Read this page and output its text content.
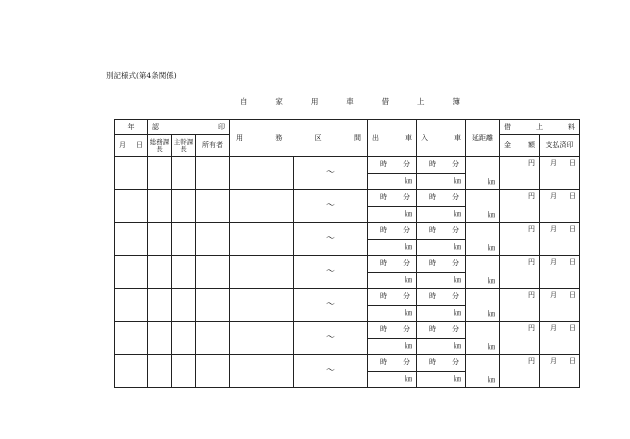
別記様式(第4条関係)
自	家	用	車	借	上	簿
年	認 印			用 務 区 間		出 車	入 車	延距離	借 上 料	

月 日	総務課長	主幹課長	所有者						金 額	支払済印
					～	時 分	時 分	㎞	円	月 日

						㎞	㎞			
					～	時 分	時 分	㎞	円	月 日

						㎞	㎞			
					～	時 分	時 分	㎞	円	月 日

						㎞	㎞			
					～	時 分	時 分	㎞	円	月 日

						㎞	㎞			
					～	時 分	時 分	㎞	円	月 日

						㎞	㎞			
					～	時 分	時 分	㎞	円	月 日

						㎞	㎞			
					～	時 分	時 分	㎞	円	月 日

						㎞	㎞			
